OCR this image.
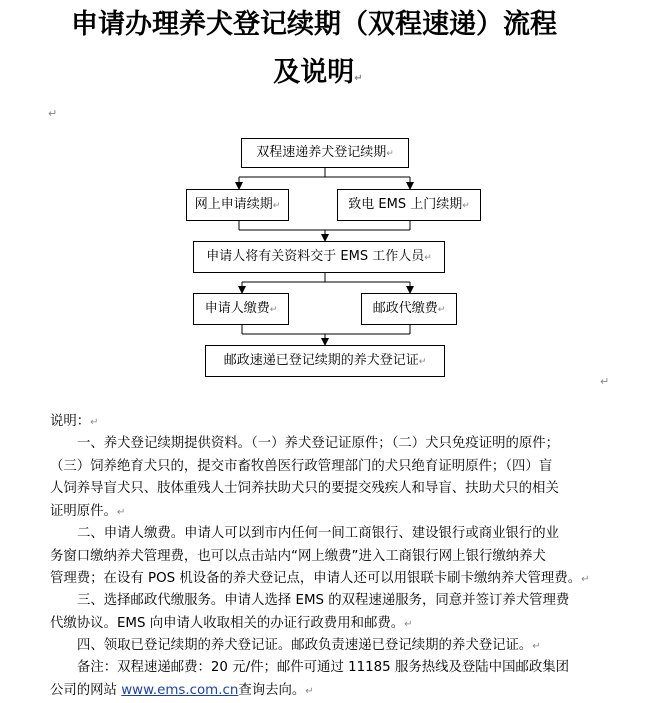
申请办理养犬登记续期（双程速递）流程
及说明↵
↵
双程速递养犬登记续期↵
网上申请续期↵	致电 EMS 上门续期↵
申请人将有关资料交于 EMS 工作人员↵
申请人缴费↵	邮政代缴费↵
邮政速递已登记续期的养犬登记证↵
↵
说明：↵
一、养犬登记续期提供资料。（一）养犬登记证原件；（二）犬只免疫证明的原件；
（三）饲养绝育犬只的，提交市畜牧兽医行政管理部门的犬只绝育证明原件；（四）盲
人饲养导盲犬只、肢体重残人士饲养扶助犬只的要提交残疾人和导盲、扶助犬只的相关
证明原件。↵
二、申请人缴费。申请人可以到市内任何一间工商银行、建设银行或商业银行的业
务窗口缴纳养犬管理费，也可以点击站内“网上缴费”进入工商银行网上银行缴纳养犬
管理费；在设有 POS 机设备的养犬登记点，申请人还可以用银联卡刷卡缴纳养犬管理费。↵
三、选择邮政代缴服务。申请人选择 EMS 的双程速递服务，同意并签订养犬管理费
代缴协议。EMS 向申请人收取相关的办证行政费用和邮费。↵
四、领取已登记续期的养犬登记证。邮政负责速递已登记续期的养犬登记证。↵
备注：双程速递邮费：20 元/件；邮件可通过 11185 服务热线及登陆中国邮政集团
公司的网站 www.ems.com.cn查询去向。↵
